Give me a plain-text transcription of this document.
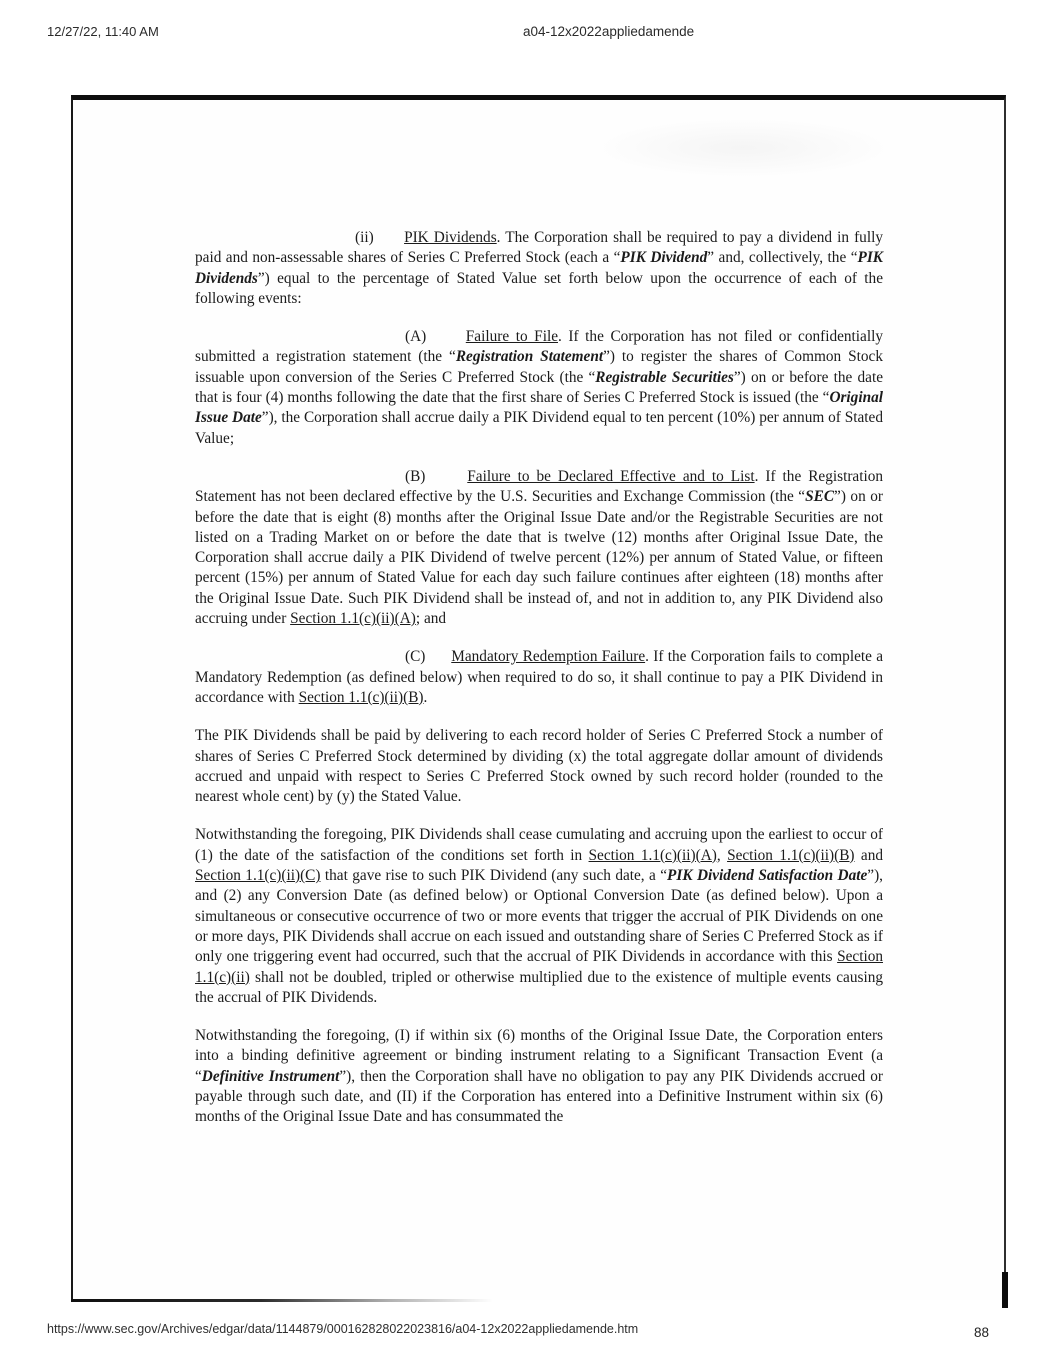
12/27/22, 11:40 AM	a04-12x2022appliedamende

(ii)      PIK Dividends. The Corporation shall be required to pay a dividend in fully paid and non-assessable shares of Series C Preferred Stock (each a “PIK Dividend” and, collectively, the “PIK Dividends”) equal to the percentage of Stated Value set forth below upon the occurrence of each of the following events:

(A)      Failure to File. If the Corporation has not filed or confidentially submitted a registration statement (the “Registration Statement”) to register the shares of Common Stock issuable upon conversion of the Series C Preferred Stock (the “Registrable Securities”) on or before the date that is four (4) months following the date that the first share of Series C Preferred Stock is issued (the “Original Issue Date”), the Corporation shall accrue daily a PIK Dividend equal to ten percent (10%) per annum of Stated Value;

(B)      Failure to be Declared Effective and to List. If the Registration Statement has not been declared effective by the U.S. Securities and Exchange Commission (the “SEC”) on or before the date that is eight (8) months after the Original Issue Date and/or the Registrable Securities are not listed on a Trading Market on or before the date that is twelve (12) months after Original Issue Date, the Corporation shall accrue daily a PIK Dividend of twelve percent (12%) per annum of Stated Value, or fifteen percent (15%) per annum of Stated Value for each day such failure continues after eighteen (18) months after the Original Issue Date. Such PIK Dividend shall be instead of, and not in addition to, any PIK Dividend also accruing under Section 1.1(c)(ii)(A); and

(C)      Mandatory Redemption Failure. If the Corporation fails to complete a Mandatory Redemption (as defined below) when required to do so, it shall continue to pay a PIK Dividend in accordance with Section 1.1(c)(ii)(B).

The PIK Dividends shall be paid by delivering to each record holder of Series C Preferred Stock a number of shares of Series C Preferred Stock determined by dividing (x) the total aggregate dollar amount of dividends accrued and unpaid with respect to Series C Preferred Stock owned by such record holder (rounded to the nearest whole cent) by (y) the Stated Value.

Notwithstanding the foregoing, PIK Dividends shall cease cumulating and accruing upon the earliest to occur of (1) the date of the satisfaction of the conditions set forth in Section 1.1(c)(ii)(A), Section 1.1(c)(ii)(B) and Section 1.1(c)(ii)(C) that gave rise to such PIK Dividend (any such date, a “PIK Dividend Satisfaction Date”), and (2) any Conversion Date (as defined below) or Optional Conversion Date (as defined below). Upon a simultaneous or consecutive occurrence of two or more events that trigger the accrual of PIK Dividends on one or more days, PIK Dividends shall accrue on each issued and outstanding share of Series C Preferred Stock as if only one triggering event had occurred, such that the accrual of PIK Dividends in accordance with this Section 1.1(c)(ii) shall not be doubled, tripled or otherwise multiplied due to the existence of multiple events causing the accrual of PIK Dividends.

Notwithstanding the foregoing, (I) if within six (6) months of the Original Issue Date, the Corporation enters into a binding definitive agreement or binding instrument relating to a Significant Transaction Event (a “Definitive Instrument”), then the Corporation shall have no obligation to pay any PIK Dividends accrued or payable through such date, and (II) if the Corporation has entered into a Definitive Instrument within six (6) months of the Original Issue Date and has consummated the

https://www.sec.gov/Archives/edgar/data/1144879/000162828022023816/a04-12x2022appliedamende.htm	88
